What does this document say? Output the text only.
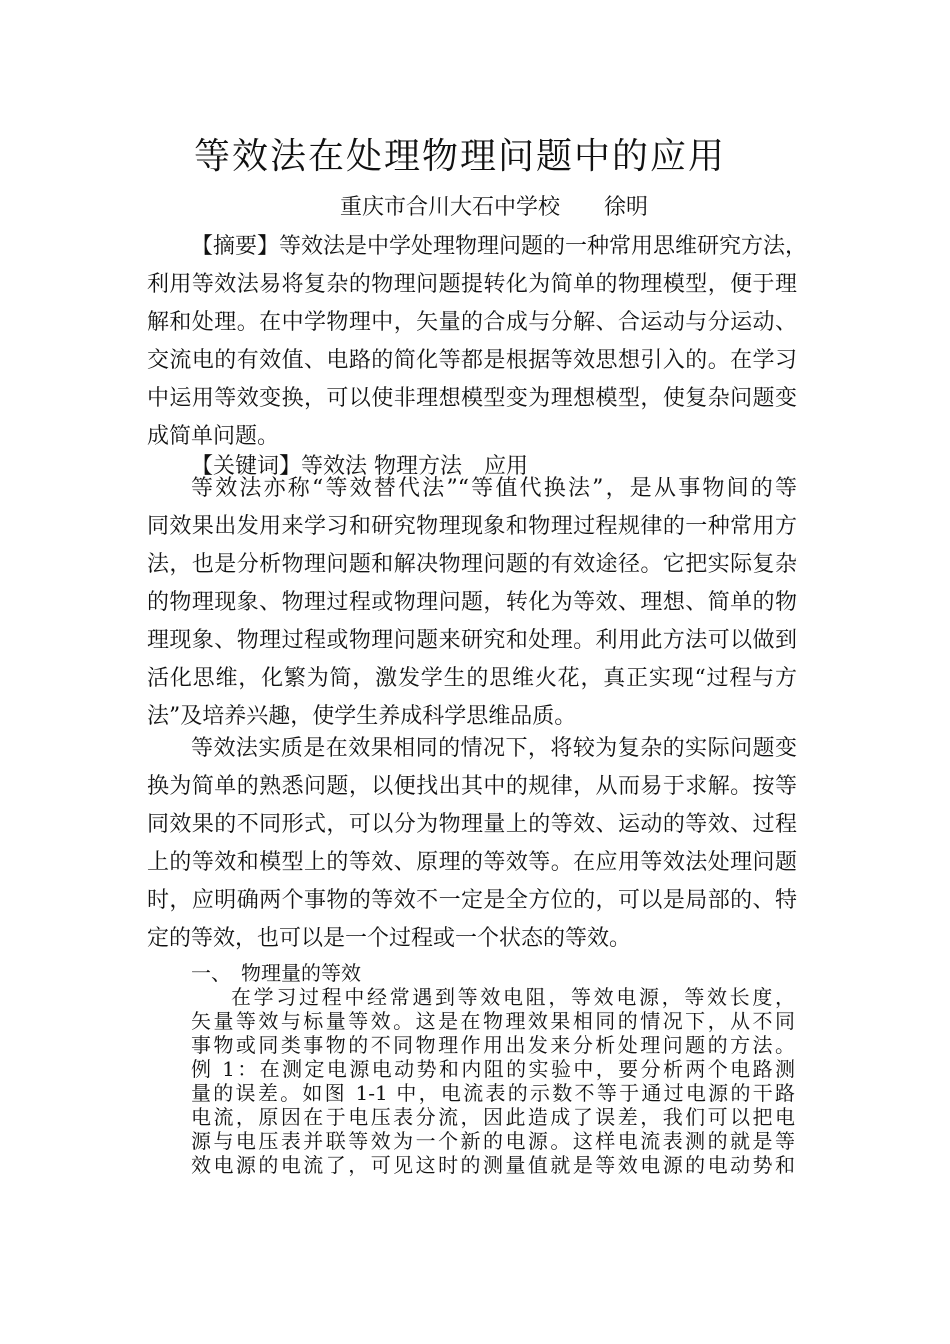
等效法在处理物理问题中的应用
重庆市合川大石中学校　　徐明
【摘要】等效法是中学处理物理问题的一种常用思维研究方法，
利用等效法易将复杂的物理问题提转化为简单的物理模型，便于理
解和处理。在中学物理中，矢量的合成与分解、合运动与分运动、
交流电的有效值、电路的简化等都是根据等效思想引入的。在学习
中运用等效变换，可以使非理想模型变为理想模型，使复杂问题变
成简单问题。
【关键词】等效法 物理方法　应用
等效法亦称“等效替代法”“等值代换法”，是从事物间的等
同效果出发用来学习和研究物理现象和物理过程规律的一种常用方
法，也是分析物理问题和解决物理问题的有效途径。它把实际复杂
的物理现象、物理过程或物理问题，转化为等效、理想、简单的物
理现象、物理过程或物理问题来研究和处理。利用此方法可以做到
活化思维，化繁为简，激发学生的思维火花，真正实现“过程与方
法”及培养兴趣，使学生养成科学思维品质。
等效法实质是在效果相同的情况下，将较为复杂的实际问题变
换为简单的熟悉问题，以便找出其中的规律，从而易于求解。按等
同效果的不同形式，可以分为物理量上的等效、运动的等效、过程
上的等效和模型上的等效、原理的等效等。在应用等效法处理问题
时，应明确两个事物的等效不一定是全方位的，可以是局部的、特
定的等效，也可以是一个过程或一个状态的等效。
一、　物理量的等效
在学习过程中经常遇到等效电阻，等效电源，等效长度，
矢量等效与标量等效。这是在物理效果相同的情况下，从不同
事物或同类事物的不同物理作用出发来分析处理问题的方法。
例 1：在测定电源电动势和内阻的实验中，要分析两个电路测
量的误差。如图 1-1 中，电流表的示数不等于通过电源的干路
电流，原因在于电压表分流，因此造成了误差，我们可以把电
源与电压表并联等效为一个新的电源。这样电流表测的就是等
效电源的电流了，可见这时的测量值就是等效电源的电动势和
